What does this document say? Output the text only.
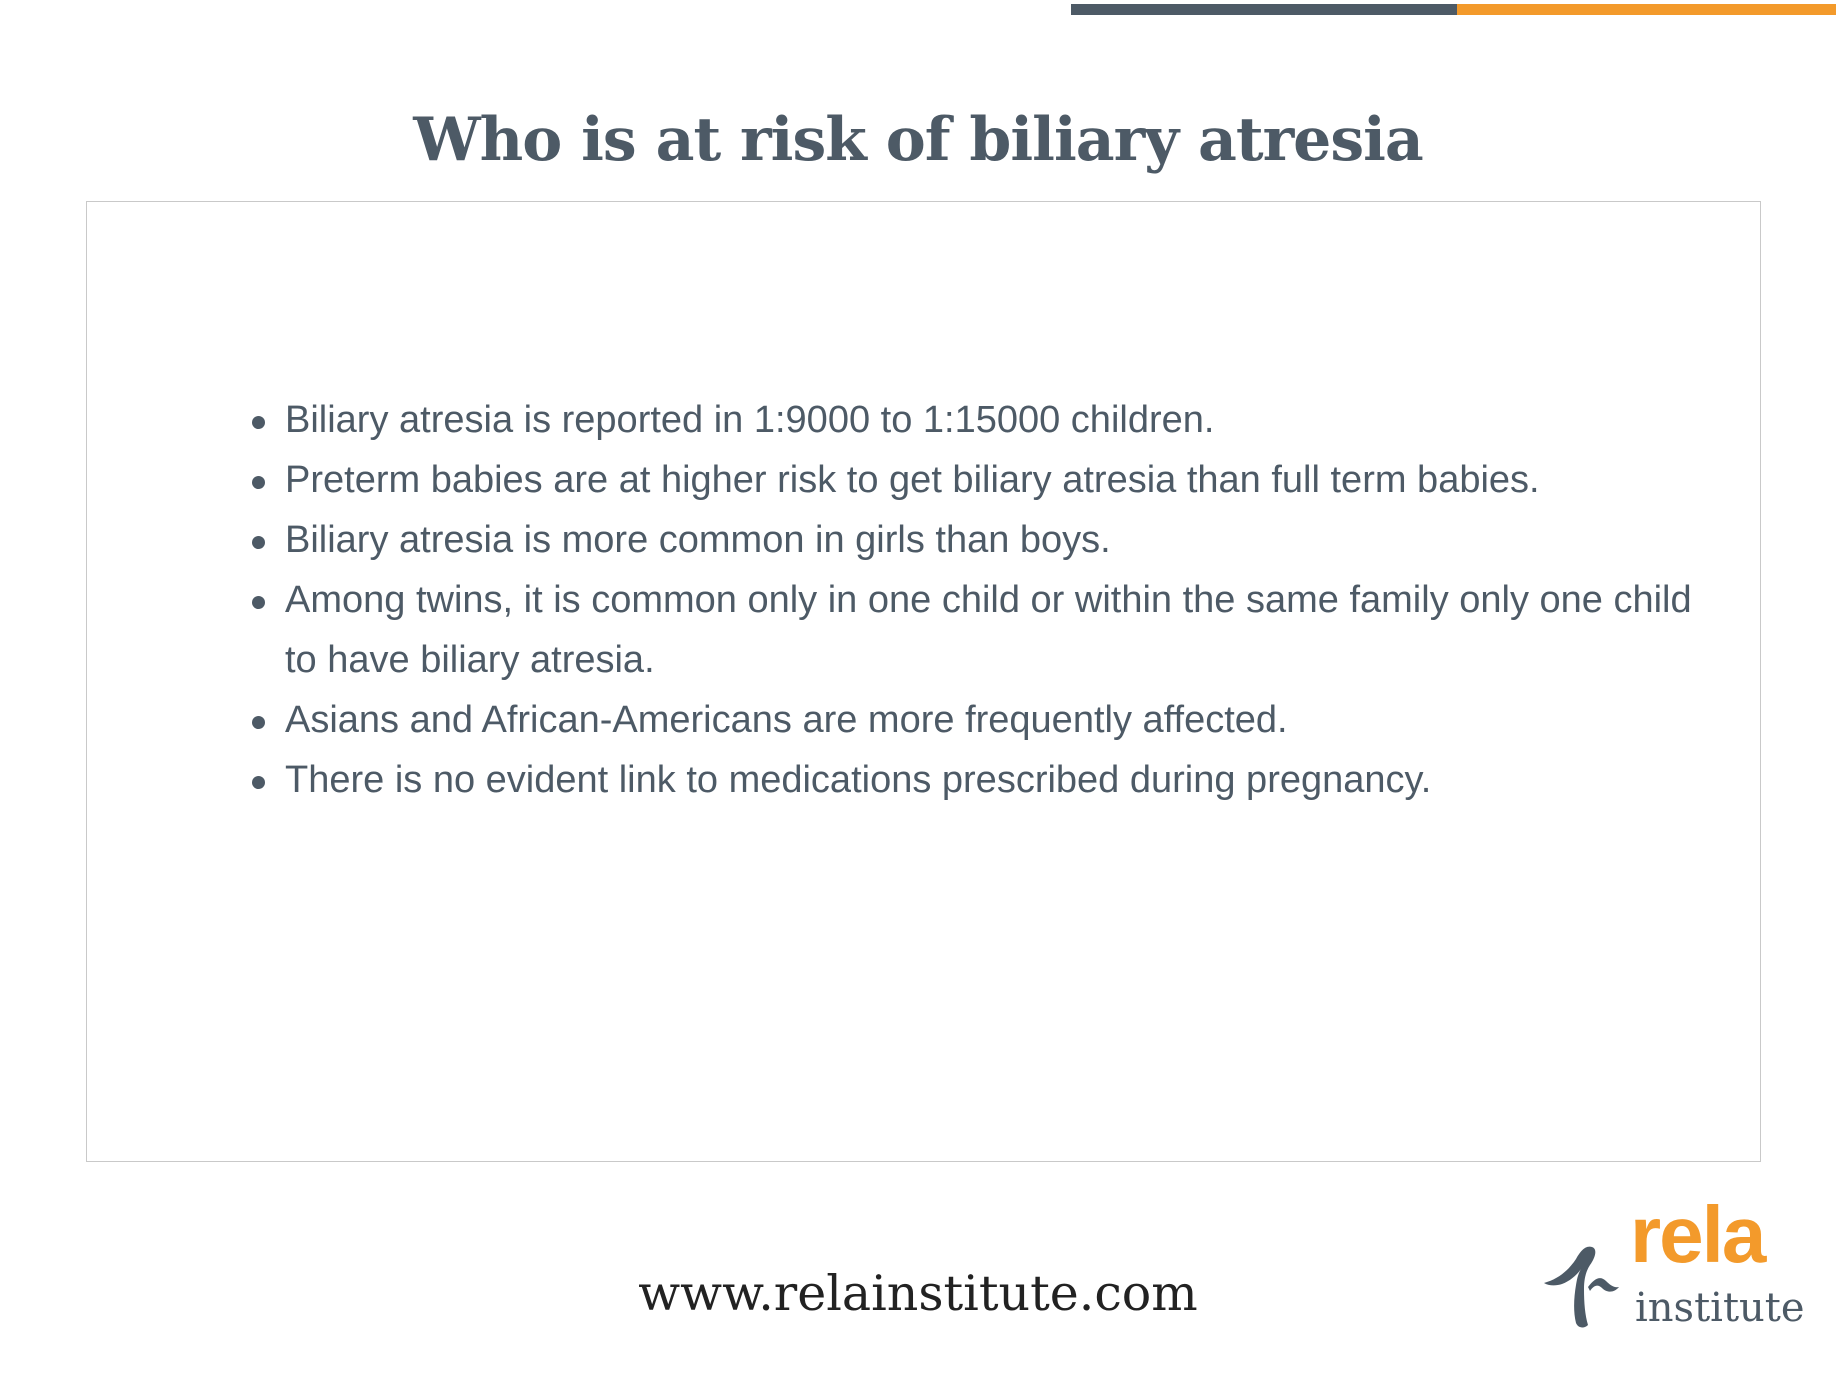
Who is at risk of biliary atresia
Biliary atresia is reported in 1:9000 to 1:15000 children.
Preterm babies are at higher risk to get biliary atresia than full term babies.
Biliary atresia is more common in girls than boys.
Among twins, it is common only in one child or within the same family only one child to have biliary atresia.
Asians and African-Americans are more frequently affected.
There is no evident link to medications prescribed during pregnancy.
www.relainstitute.com
rela
institute
